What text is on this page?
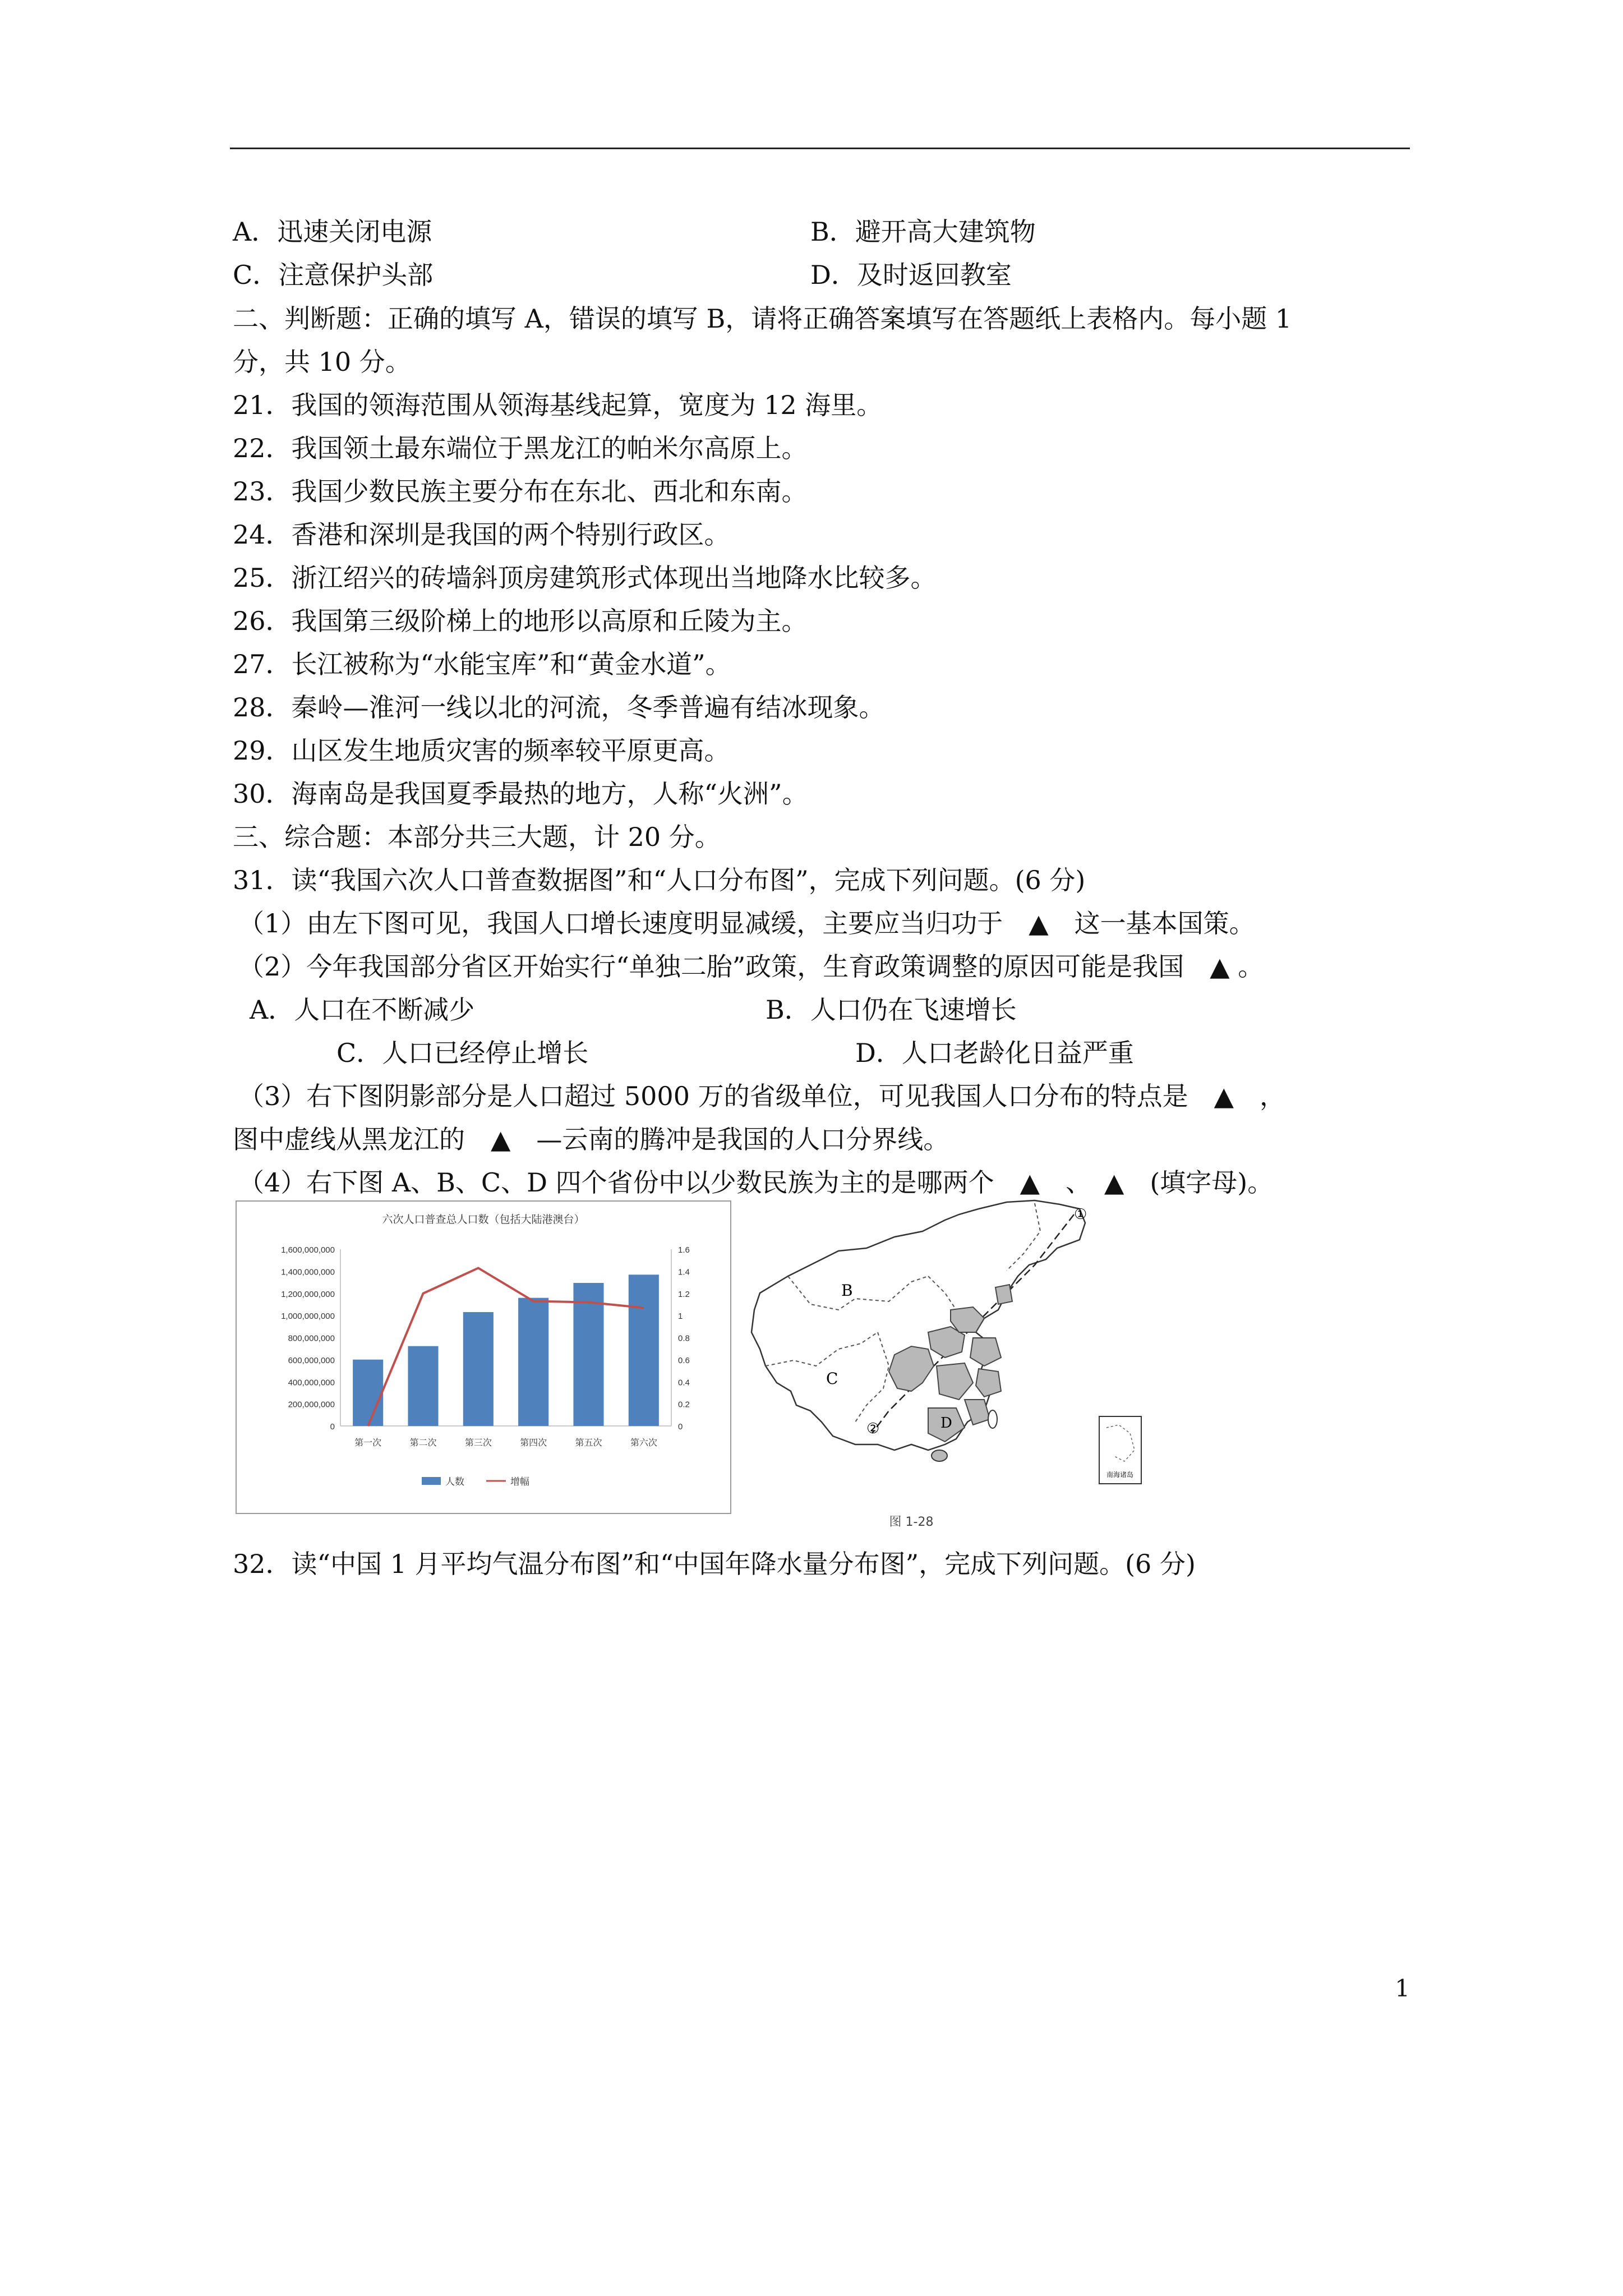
A．迅速关闭电源	B．避开高大建筑物
C．注意保护头部	D．及时返回教室
二、判断题：正确的填写 A，错误的填写 B，请将正确答案填写在答题纸上表格内。每小题 1
分，共 10 分。
21．我国的领海范围从领海基线起算，宽度为 12 海里。
22．我国领土最东端位于黑龙江的帕米尔高原上。
23．我国少数民族主要分布在东北、西北和东南。
24．香港和深圳是我国的两个特别行政区。
25．浙江绍兴的砖墙斜顶房建筑形式体现出当地降水比较多。
26．我国第三级阶梯上的地形以高原和丘陵为主。
27．长江被称为“水能宝库”和“黄金水道”。
28．秦岭—淮河一线以北的河流，冬季普遍有结冰现象。
29．山区发生地质灾害的频率较平原更高。
30．海南岛是我国夏季最热的地方，人称“火洲”。
三、综合题：本部分共三大题，计 20 分。
31．读“我国六次人口普查数据图”和“人口分布图”，完成下列问题。(6 分)
（1）由左下图可见，我国人口增长速度明显减缓，主要应当归功于　▲　这一基本国策。
（2）今年我国部分省区开始实行“单独二胎”政策，生育政策调整的原因可能是我国　▲ 。
A．人口在不断减少	B．人口仍在飞速增长
C．人口已经停止增长	D．人口老龄化日益严重
（3）右下图阴影部分是人口超过 5000 万的省级单位，可见我国人口分布的特点是　▲　，
图中虚线从黑龙江的　▲　—云南的腾冲是我国的人口分界线。
（4）右下图 A、B、C、D 四个省份中以少数民族为主的是哪两个　▲　、　▲　(填字母)。
六次人口普查总人口数（包括大陆港澳台）
1,600,000,000
1,400,000,000
1,200,000,000
1,000,000,000
800,000,000
600,000,000
400,000,000
200,000,000
0
1.6
1.4
1.2
1
0.8
0.6
0.4
0.2
0
第一次	第二次	第三次	第四次	第五次	第六次
人数	增幅
B
C
D
①
②
南海诸岛
图 1-28
32．读“中国 1 月平均气温分布图”和“中国年降水量分布图”，完成下列问题。(6 分)
1
